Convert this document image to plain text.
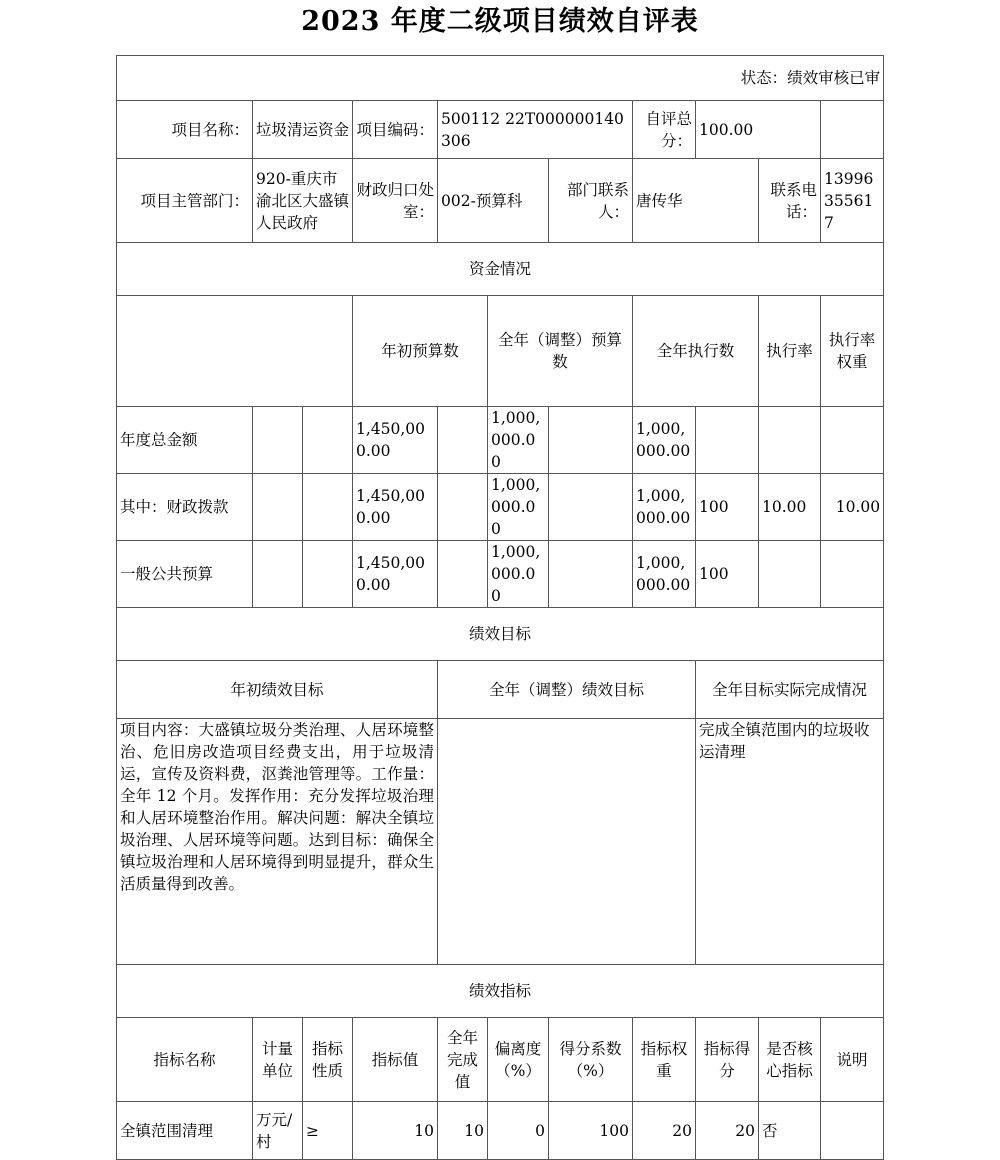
2023 年度二级项目绩效自评表
状态：绩效审核已审											
项目名称：	垃圾清运资金		项目编码：	500112 22T000000140306			自评总分：	100.00			
项目主管部门：	920-重庆市渝北区大盛镇人民政府		财政归口处室：	002-预算科		部门联系人：	唐传华		联系电话：	13996355617	
资金情况											
			年初预算数		全年（调整）预算数		全年执行数		执行率	执行率权重	
年度总金额			1,450,000.00		1,000,000.00		1,000,000.00				
其中：财政拨款			1,450,000.00		1,000,000.00		1,000,000.00	100	10.00	10.00	
一般公共预算			1,450,000.00		1,000,000.00		1,000,000.00	100			
绩效目标											
年初绩效目标				全年（调整）绩效目标				全年目标实际完成情况			
项目内容：大盛镇垃圾分类治理、人居环境整治、危旧房改造项目经费支出，用于垃圾清运，宣传及资料费，沤粪池管理等。工作量：全年 12 个月。发挥作用：充分发挥垃圾治理和人居环境整治作用。解决问题：解决全镇垃圾治理、人居环境等问题。达到目标：确保全镇垃圾治理和人居环境得到明显提升，群众生活质量得到改善。								完成全镇范围内的垃圾收运清理			
绩效指标											
指标名称	计量单位	指标性质	指标值	全年完成值	偏离度（%）	得分系数（%）	指标权重	指标得分	是否核心指标	说明	
全镇范围清理	万元/村	≥	10	10	0	100	20	20	否		
